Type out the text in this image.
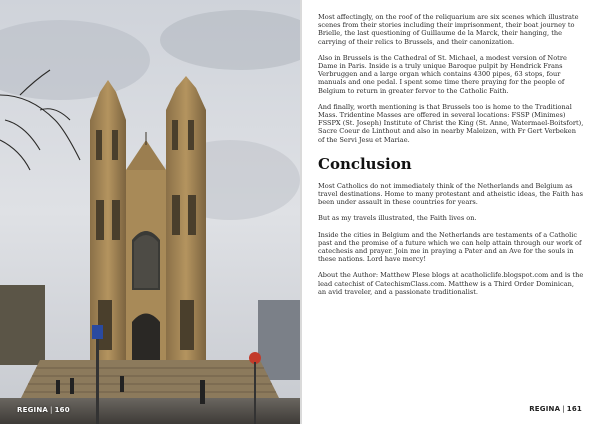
REGINA | 160

Most affectingly, on the roof of the reliquarium are six scenes which illustrate scenes from their stories including their imprisonment, their boat journey to Brielle, the last questioning of Guillaume de la Marck, their hanging, the carrying of their relics to Brussels, and their canonization.

Also in Brussels is the Cathedral of St. Michael, a modest version of Notre Dame in Paris. Inside is a truly unique Baroque pulpit by Hendrick Frans Verbruggen and a large organ which contains 4300 pipes, 63 stops, four manuals and one pedal. I spent some time there praying for the people of Belgium to return in greater fervor to the Catholic Faith.

And finally, worth mentioning is that Brussels too is home to the Traditional Mass. Tridentine Masses are offered in several locations: FSSP (Minimes) FSSPX (St. Joseph) Institute of Christ the King (St. Anne, Watermael-Boitsfort), Sacre Coeur de Linthout and also in nearby Maleizen, with Fr Gert Verbeken of the Servi Jesu et Mariae.

Conclusion

Most Catholics do not immediately think of the Netherlands and Belgium as travel destinations. Home to many protestant and atheistic ideas, the Faith has been under assault in these countries for years.

But as my travels illustrated, the Faith lives on.

Inside the cities in Belgium and the Netherlands are testaments of a Catholic past and the promise of a future which we can help attain through our work of catechesis and prayer. Join me in praying a Pater and an Ave for the souls in these nations. Lord have mercy!

About the Author: Matthew Plese blogs at acatholiclife.blogspot.com and is the lead catechist of CatechismClass.com. Matthew is a Third Order Dominican, an avid traveler, and a passionate traditionalist.

REGINA | 161
